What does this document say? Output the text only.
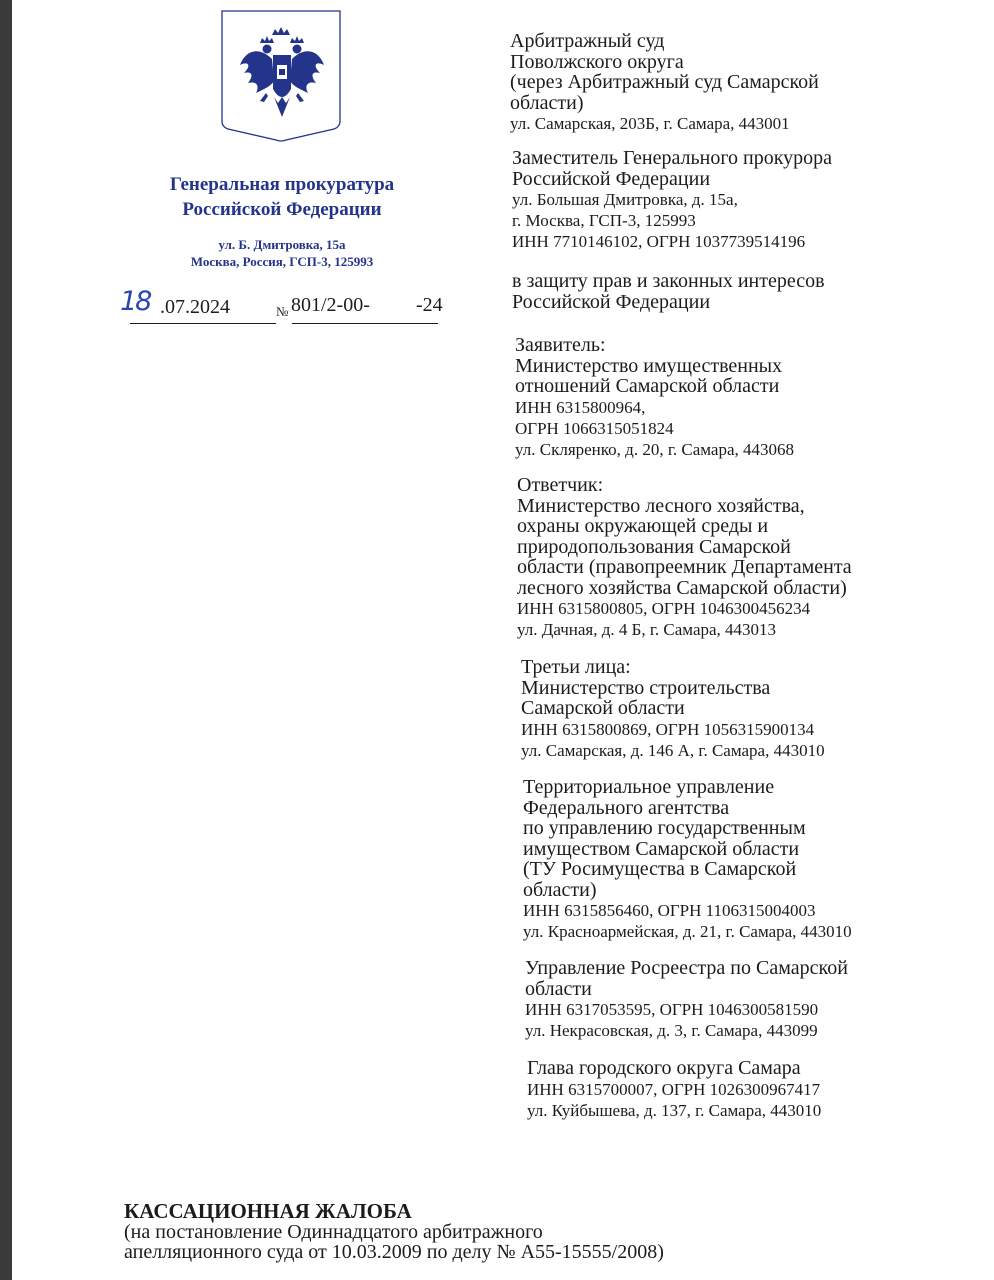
Генеральная прокуратура
Российской Федерации
ул. Б. Дмитровка, 15а
Москва, Россия, ГСП-3, 125993
18 .07.2024	№ 801/2-00- -24
Арбитражный суд
Поволжского округа
(через Арбитражный суд Самарской
области)
ул. Самарская, 203Б, г. Самара, 443001
Заместитель Генерального прокурора
Российской Федерации
ул. Большая Дмитровка, д. 15а,
г. Москва, ГСП-3, 125993
ИНН 7710146102, ОГРН 1037739514196
в защиту прав и законных интересов
Российской Федерации
Заявитель:
Министерство имущественных
отношений Самарской области
ИНН 6315800964,
ОГРН 1066315051824
ул. Скляренко, д. 20, г. Самара, 443068
Ответчик:
Министерство лесного хозяйства,
охраны окружающей среды и
природопользования Самарской
области (правопреемник Департамента
лесного хозяйства Самарской области)
ИНН 6315800805, ОГРН 1046300456234
ул. Дачная, д. 4 Б, г. Самара, 443013
Третьи лица:
Министерство строительства
Самарской области
ИНН 6315800869, ОГРН 1056315900134
ул. Самарская, д. 146 А, г. Самара, 443010
Территориальное управление
Федерального агентства
по управлению государственным
имуществом Самарской области
(ТУ Росимущества в Самарской
области)
ИНН 6315856460, ОГРН 1106315004003
ул. Красноармейская, д. 21, г. Самара, 443010
Управление Росреестра по Самарской
области
ИНН 6317053595, ОГРН 1046300581590
ул. Некрасовская, д. 3, г. Самара, 443099
Глава городского округа Самара
ИНН 6315700007, ОГРН 1026300967417
ул. Куйбышева, д. 137, г. Самара, 443010
КАССАЦИОННАЯ ЖАЛОБА
(на постановление Одиннадцатого арбитражного
апелляционного суда от 10.03.2009 по делу № А55-15555/2008)
